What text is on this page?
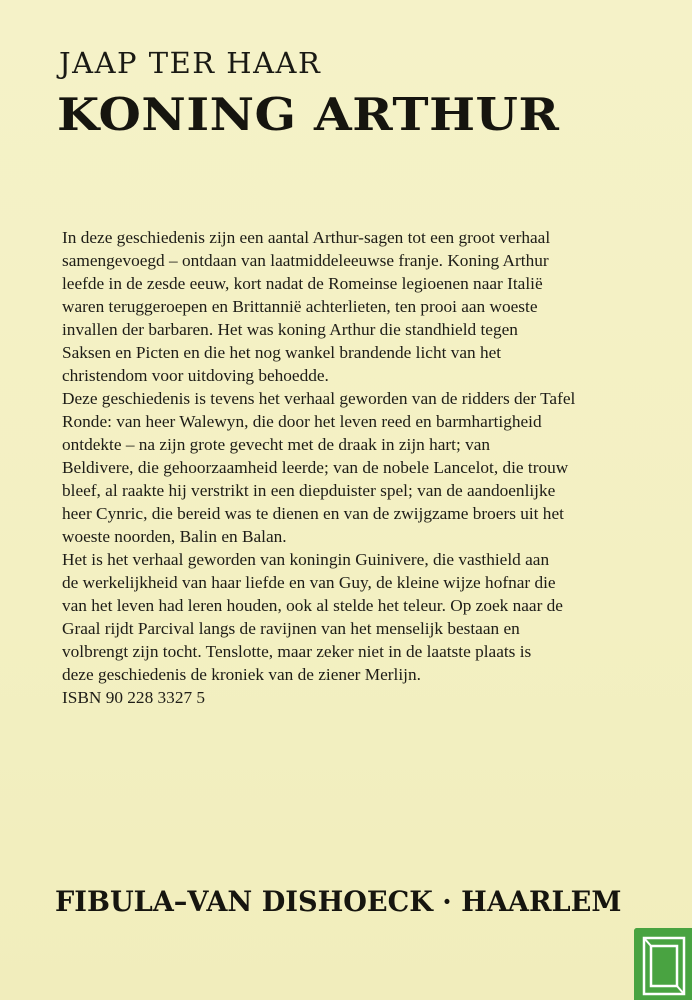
JAAP TER HAAR
KONING ARTHUR
In deze geschiedenis zijn een aantal Arthur-sagen tot een groot verhaal
samengevoegd – ontdaan van laatmiddeleeuwse franje. Koning Arthur
leefde in de zesde eeuw, kort nadat de Romeinse legioenen naar Italië
waren teruggeroepen en Brittannië achterlieten, ten prooi aan woeste
invallen der barbaren. Het was koning Arthur die standhield tegen
Saksen en Picten en die het nog wankel brandende licht van het
christendom voor uitdoving behoedde.
Deze geschiedenis is tevens het verhaal geworden van de ridders der Tafel
Ronde: van heer Walewyn, die door het leven reed en barmhartigheid
ontdekte – na zijn grote gevecht met de draak in zijn hart; van
Beldivere, die gehoorzaamheid leerde; van de nobele Lancelot, die trouw
bleef, al raakte hij verstrikt in een diepduister spel; van de aandoenlijke
heer Cynric, die bereid was te dienen en van de zwijgzame broers uit het
woeste noorden, Balin en Balan.
Het is het verhaal geworden van koningin Guinivere, die vasthield aan
de werkelijkheid van haar liefde en van Guy, de kleine wijze hofnar die
van het leven had leren houden, ook al stelde het teleur. Op zoek naar de
Graal rijdt Parcival langs de ravijnen van het menselijk bestaan en
volbrengt zijn tocht. Tenslotte, maar zeker niet in de laatste plaats is
deze geschiedenis de kroniek van de ziener Merlijn.
ISBN 90 228 3327 5
FIBULA–VAN DISHOECK · HAARLEM
